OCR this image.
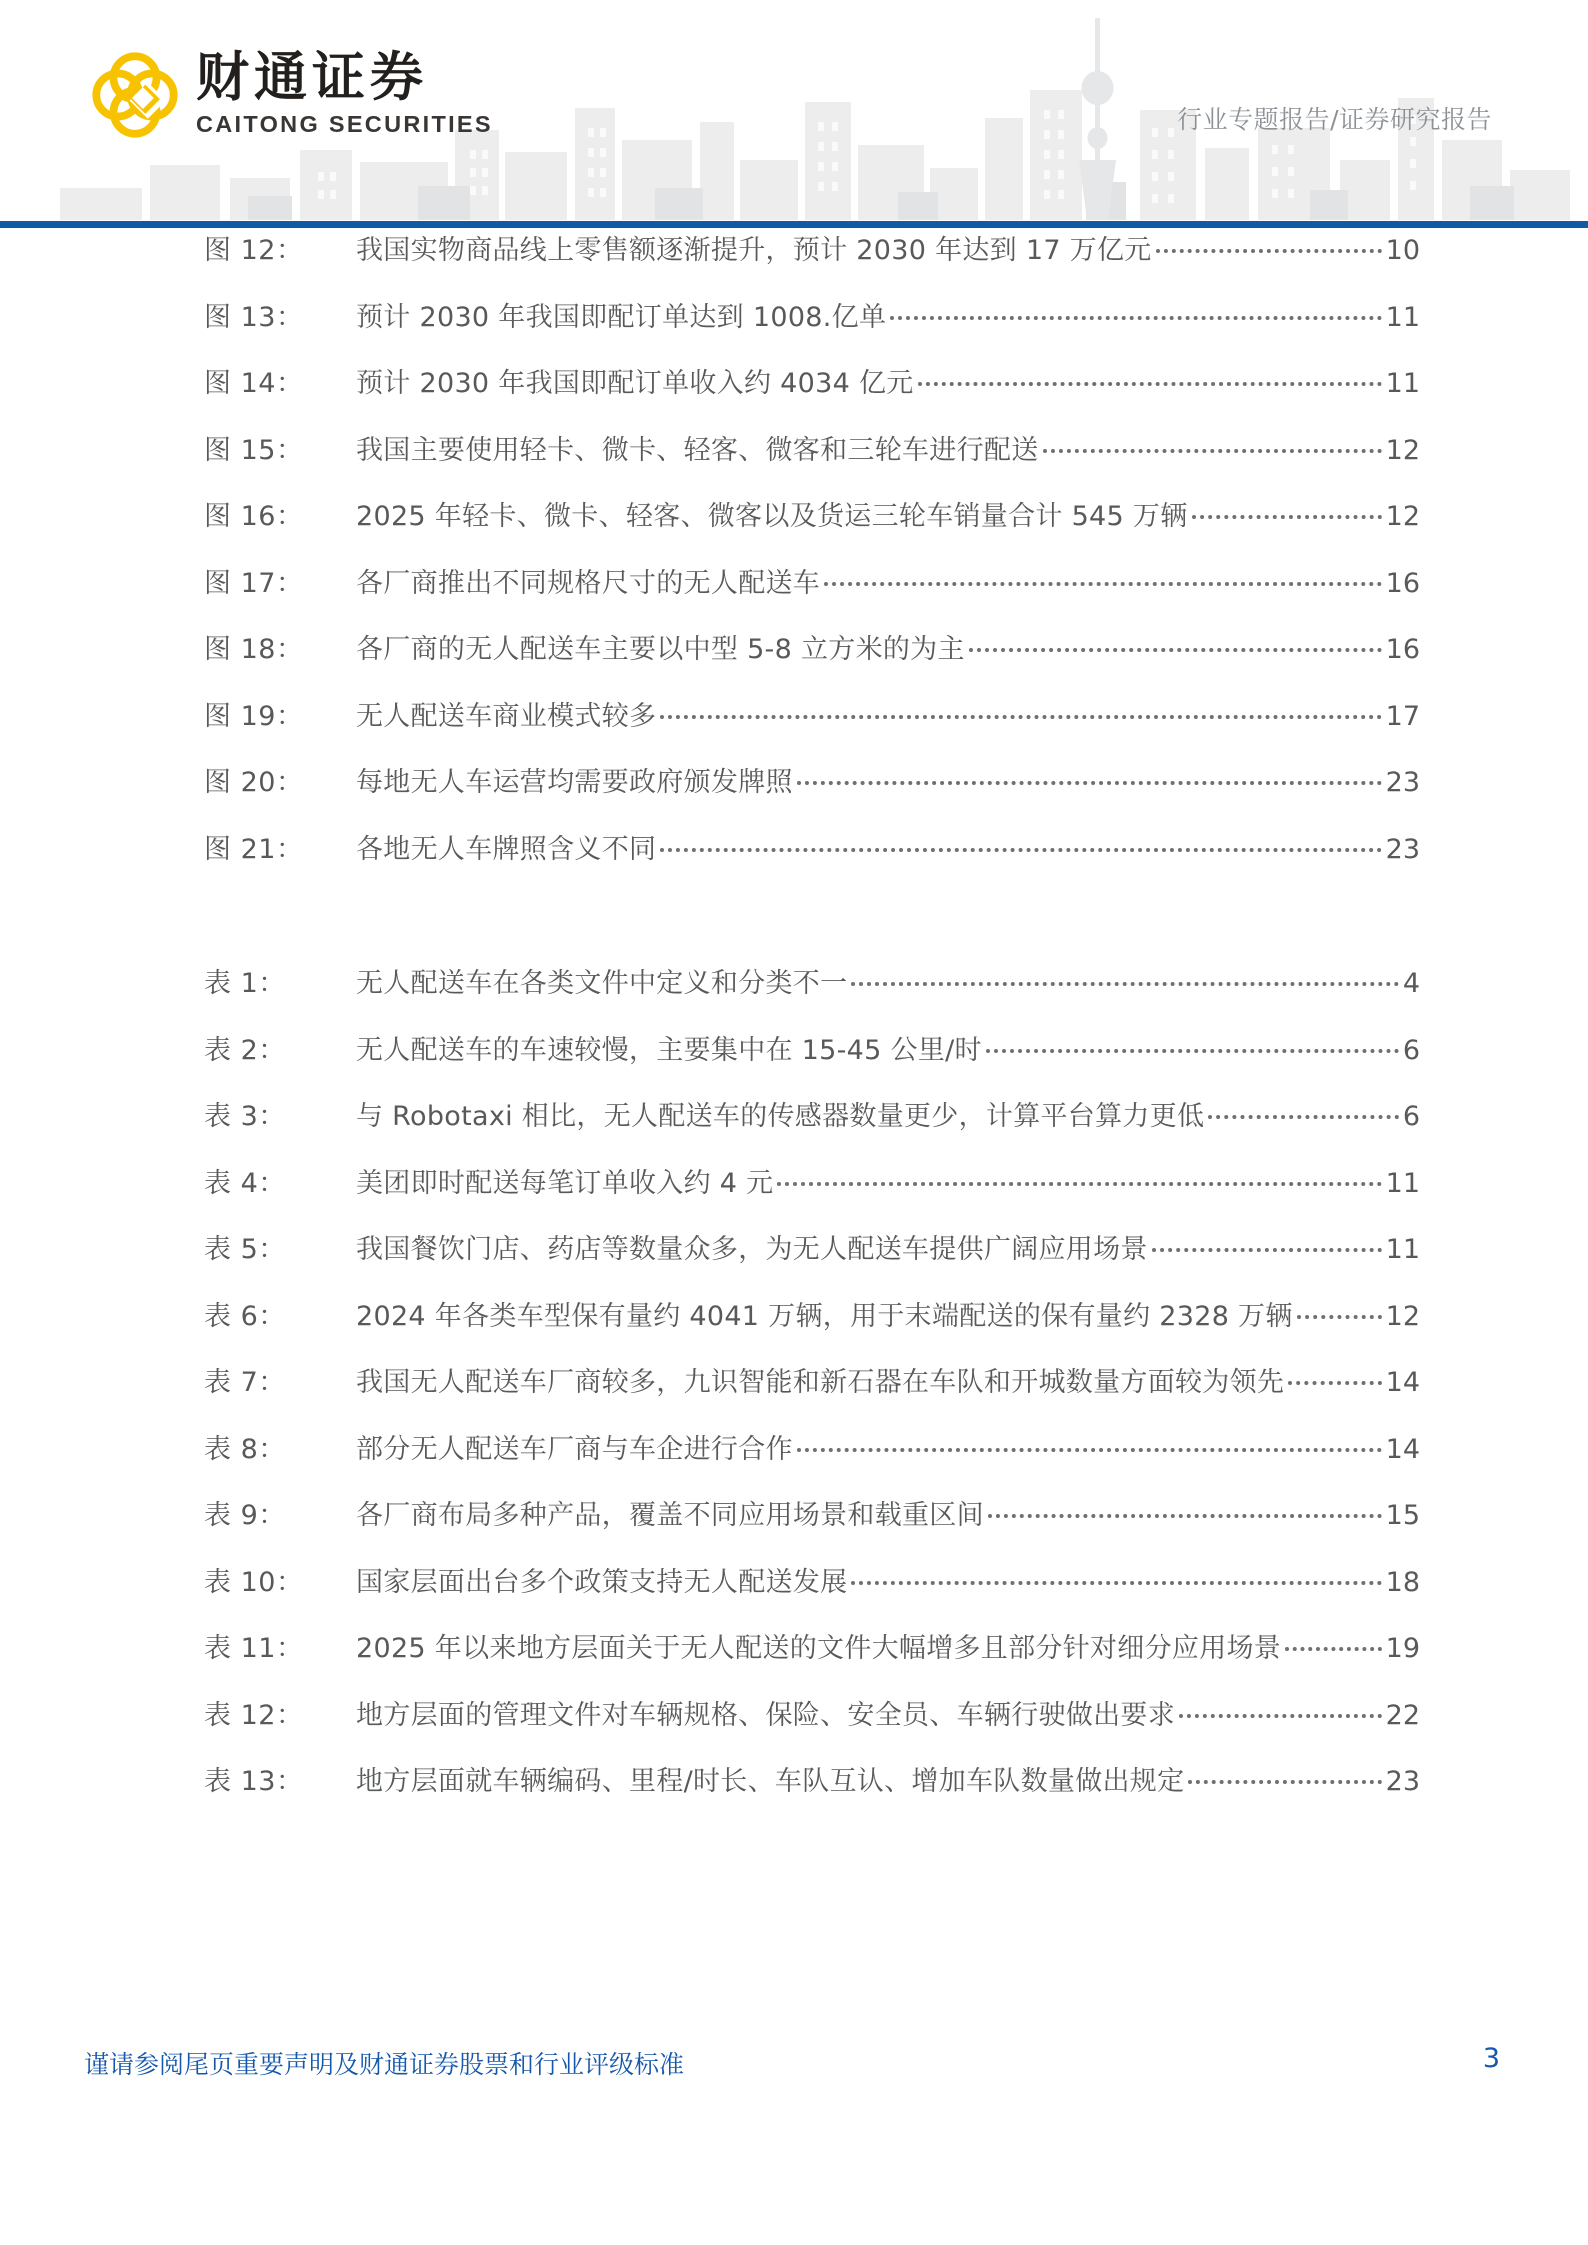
财通证券
CAITONG SECURITIES	行业专题报告/证券研究报告
图 12：	我国实物商品线上零售额逐渐提升，预计 2030 年达到 17 万亿元	10
图 13：	预计 2030 年我国即配订单达到 1008.亿单	11
图 14：	预计 2030 年我国即配订单收入约 4034 亿元	11
图 15：	我国主要使用轻卡、微卡、轻客、微客和三轮车进行配送	12
图 16：	2025 年轻卡、微卡、轻客、微客以及货运三轮车销量合计 545 万辆	12
图 17：	各厂商推出不同规格尺寸的无人配送车	16
图 18：	各厂商的无人配送车主要以中型 5-8 立方米的为主	16
图 19：	无人配送车商业模式较多	17
图 20：	每地无人车运营均需要政府颁发牌照	23
图 21：	各地无人车牌照含义不同	23
表 1：	无人配送车在各类文件中定义和分类不一	4
表 2：	无人配送车的车速较慢，主要集中在 15-45 公里/时	6
表 3：	与 Robotaxi 相比，无人配送车的传感器数量更少，计算平台算力更低	6
表 4：	美团即时配送每笔订单收入约 4 元	11
表 5：	我国餐饮门店、药店等数量众多，为无人配送车提供广阔应用场景	11
表 6：	2024 年各类车型保有量约 4041 万辆，用于末端配送的保有量约 2328 万辆	12
表 7：	我国无人配送车厂商较多，九识智能和新石器在车队和开城数量方面较为领先	14
表 8：	部分无人配送车厂商与车企进行合作	14
表 9：	各厂商布局多种产品，覆盖不同应用场景和载重区间	15
表 10：	国家层面出台多个政策支持无人配送发展	18
表 11：	2025 年以来地方层面关于无人配送的文件大幅增多且部分针对细分应用场景	19
表 12：	地方层面的管理文件对车辆规格、保险、安全员、车辆行驶做出要求	22
表 13：	地方层面就车辆编码、里程/时长、车队互认、增加车队数量做出规定	23
谨请参阅尾页重要声明及财通证券股票和行业评级标准	3
